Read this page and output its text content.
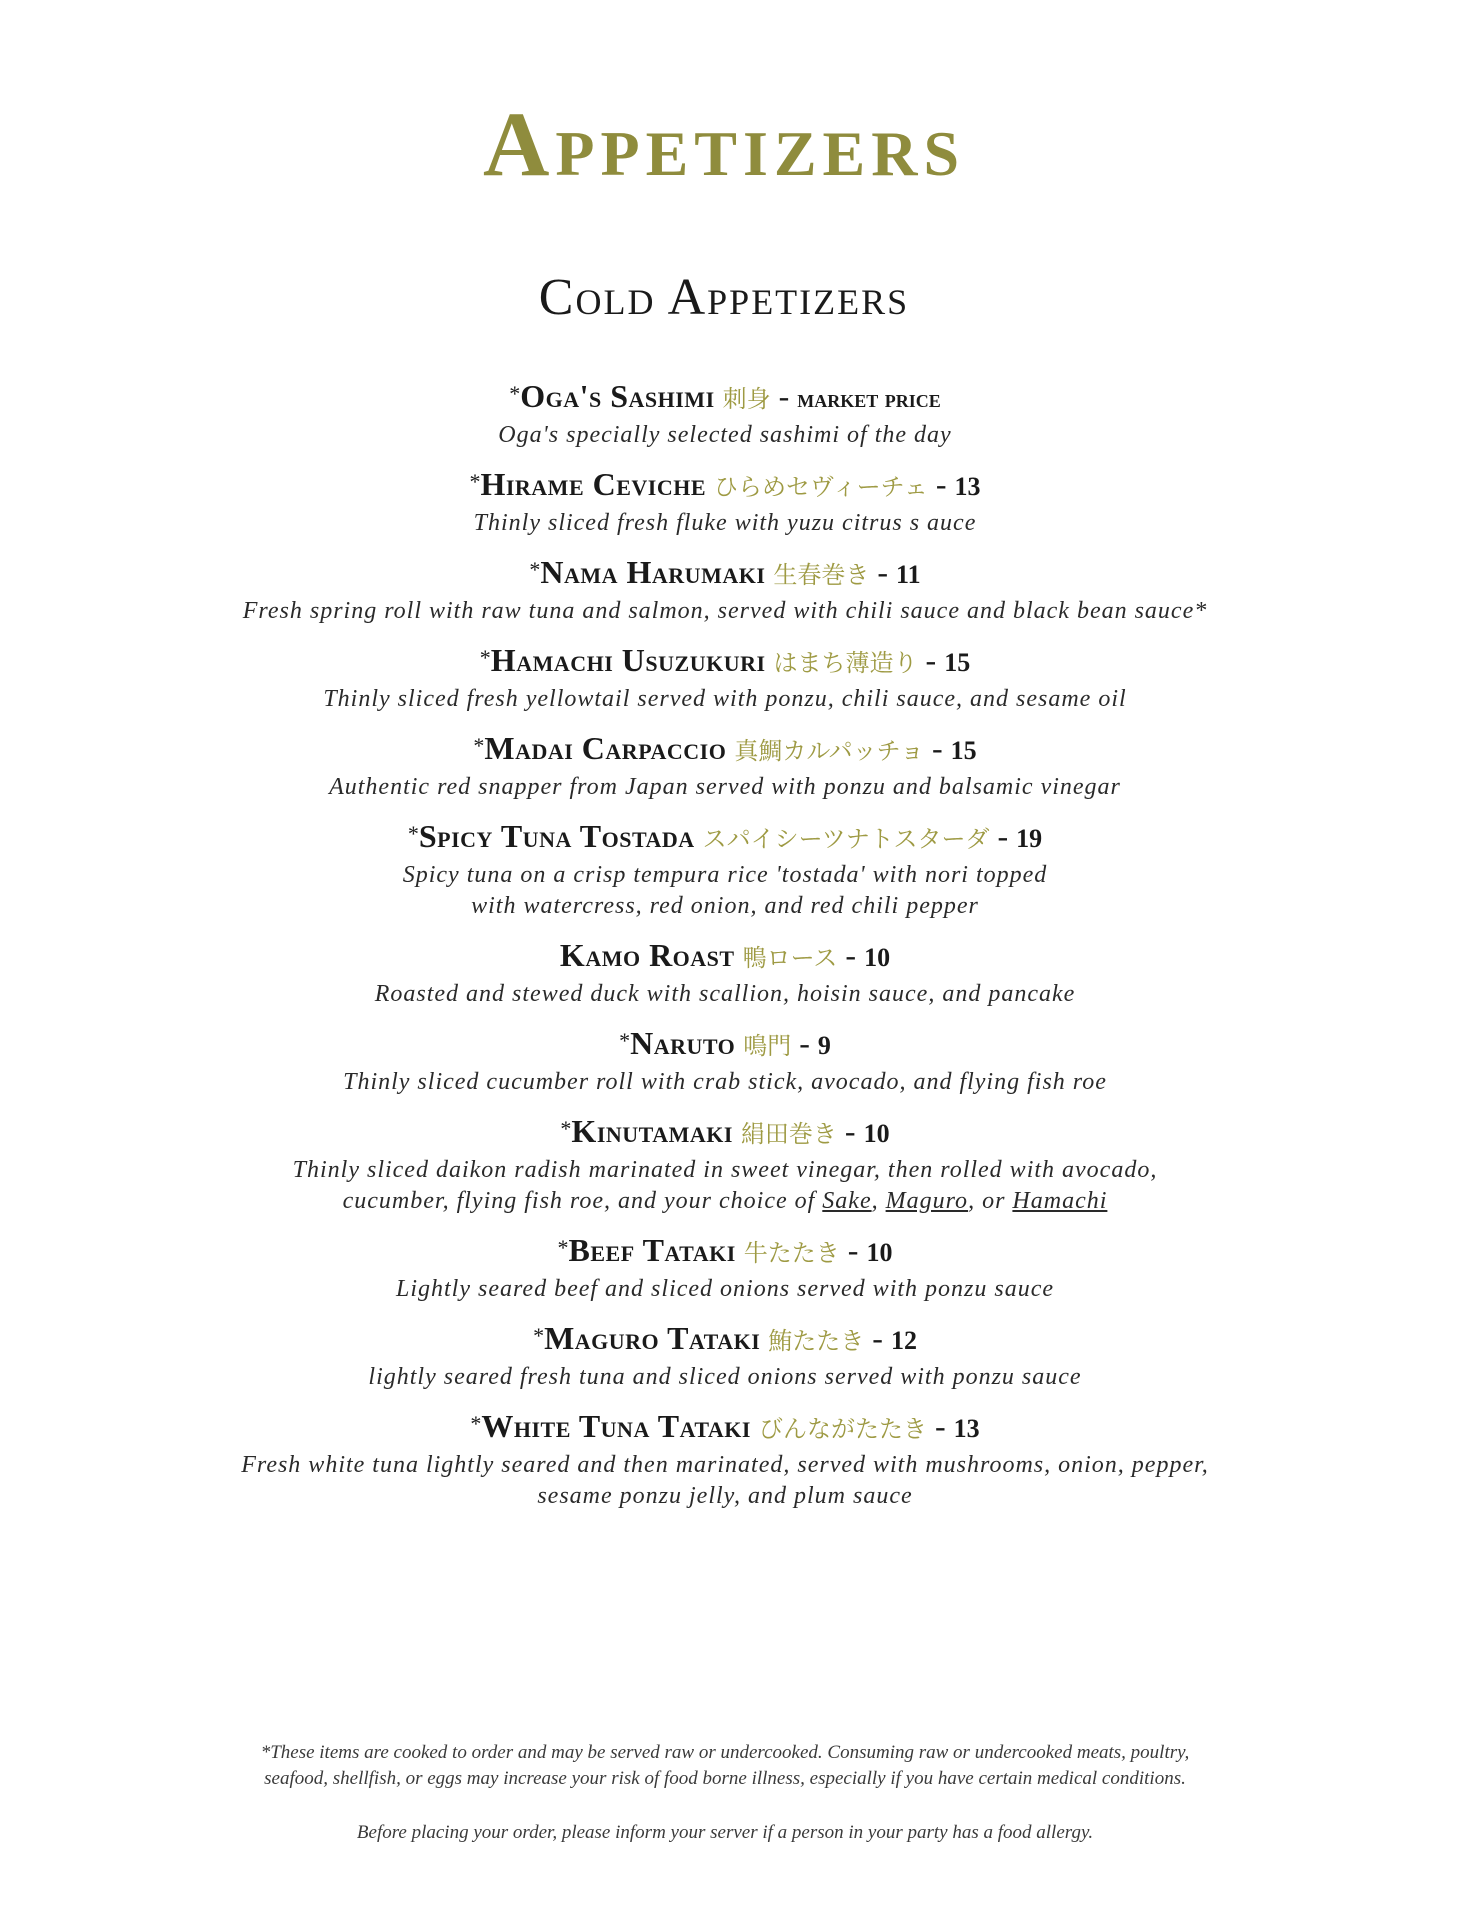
Appetizers
Cold Appetizers
*Oga's Sashimi 刺身 - market price
Oga's specially selected sashimi of the day
*Hirame Ceviche ひらめセヴィーチェ - 13
Thinly sliced fresh fluke with yuzu citrus s auce
*Nama Harumaki 生春巻き - 11
Fresh spring roll with raw tuna and salmon, served with chili sauce and black bean sauce*
*Hamachi Usuzukuri はまち薄造り - 15
Thinly sliced fresh yellowtail served with ponzu, chili sauce, and sesame oil
*Madai Carpaccio 真鯛カルパッチョ - 15
Authentic red snapper from Japan served with ponzu and balsamic vinegar
*Spicy Tuna Tostada スパイシーツナトスターダ - 19
Spicy tuna on a crisp tempura rice 'tostada' with nori topped
with watercress, red onion, and red chili pepper
Kamo Roast 鴨ロース - 10
Roasted and stewed duck with scallion, hoisin sauce, and pancake
*Naruto 鳴門 - 9
Thinly sliced cucumber roll with crab stick, avocado, and flying fish roe
*Kinutamaki 絹田巻き - 10
Thinly sliced daikon radish marinated in sweet vinegar, then rolled with avocado,
cucumber, flying fish roe, and your choice of Sake, Maguro, or Hamachi
*Beef Tataki 牛たたき - 10
Lightly seared beef and sliced onions served with ponzu sauce
*Maguro Tataki 鮪たたき - 12
lightly seared fresh tuna and sliced onions served with ponzu sauce
*White Tuna Tataki びんながたたき - 13
Fresh white tuna lightly seared and then marinated, served with mushrooms, onion, pepper,
sesame ponzu jelly, and plum sauce
*These items are cooked to order and may be served raw or undercooked. Consuming raw or undercooked meats, poultry,
seafood, shellfish, or eggs may increase your risk of food borne illness, especially if you have certain medical conditions.
Before placing your order, please inform your server if a person in your party has a food allergy.
